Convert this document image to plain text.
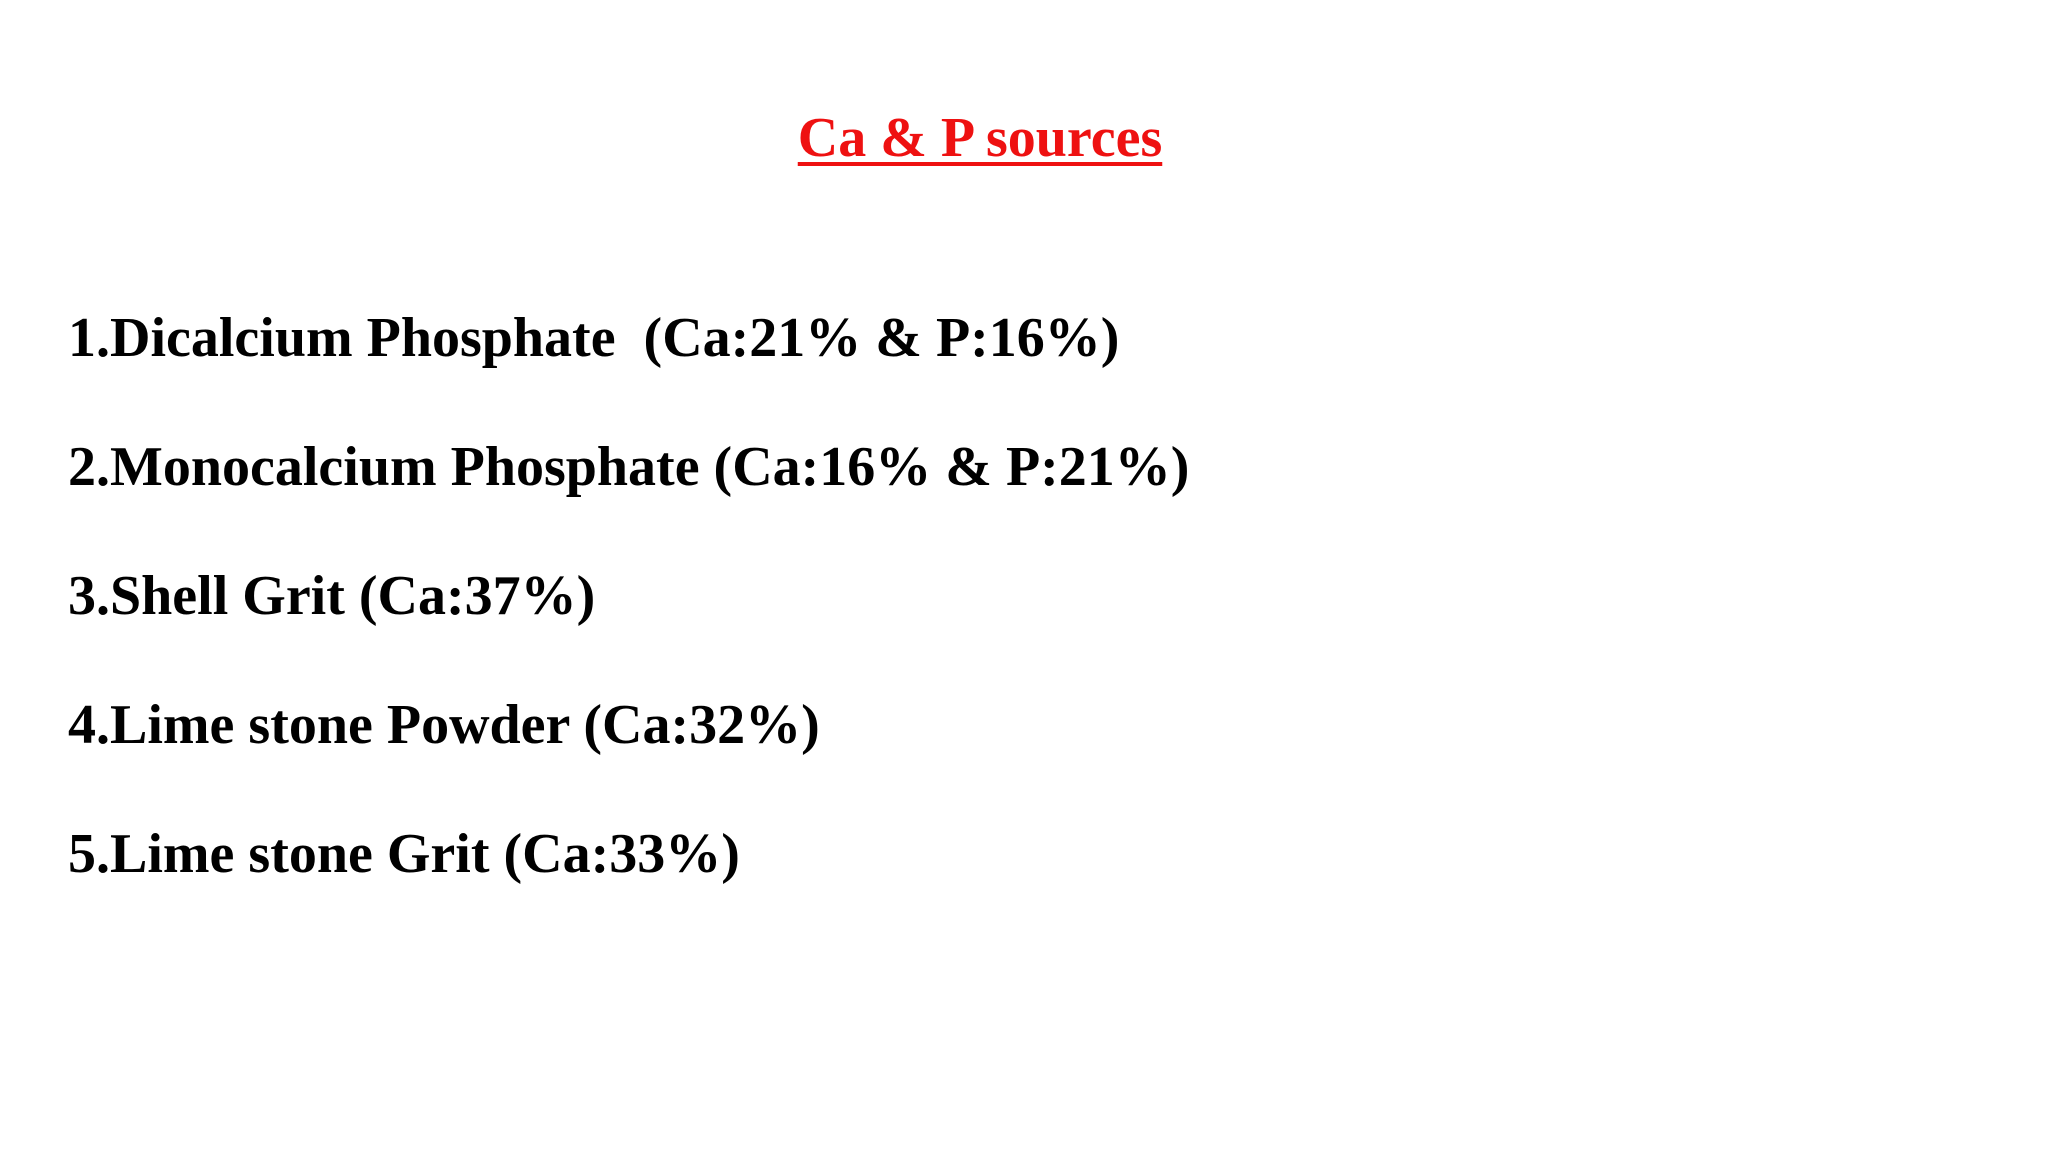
Ca & P sources
1.Dicalcium Phosphate  (Ca:21% & P:16%)
2.Monocalcium Phosphate (Ca:16% & P:21%)
3.Shell Grit (Ca:37%)
4.Lime stone Powder (Ca:32%)
5.Lime stone Grit (Ca:33%)
